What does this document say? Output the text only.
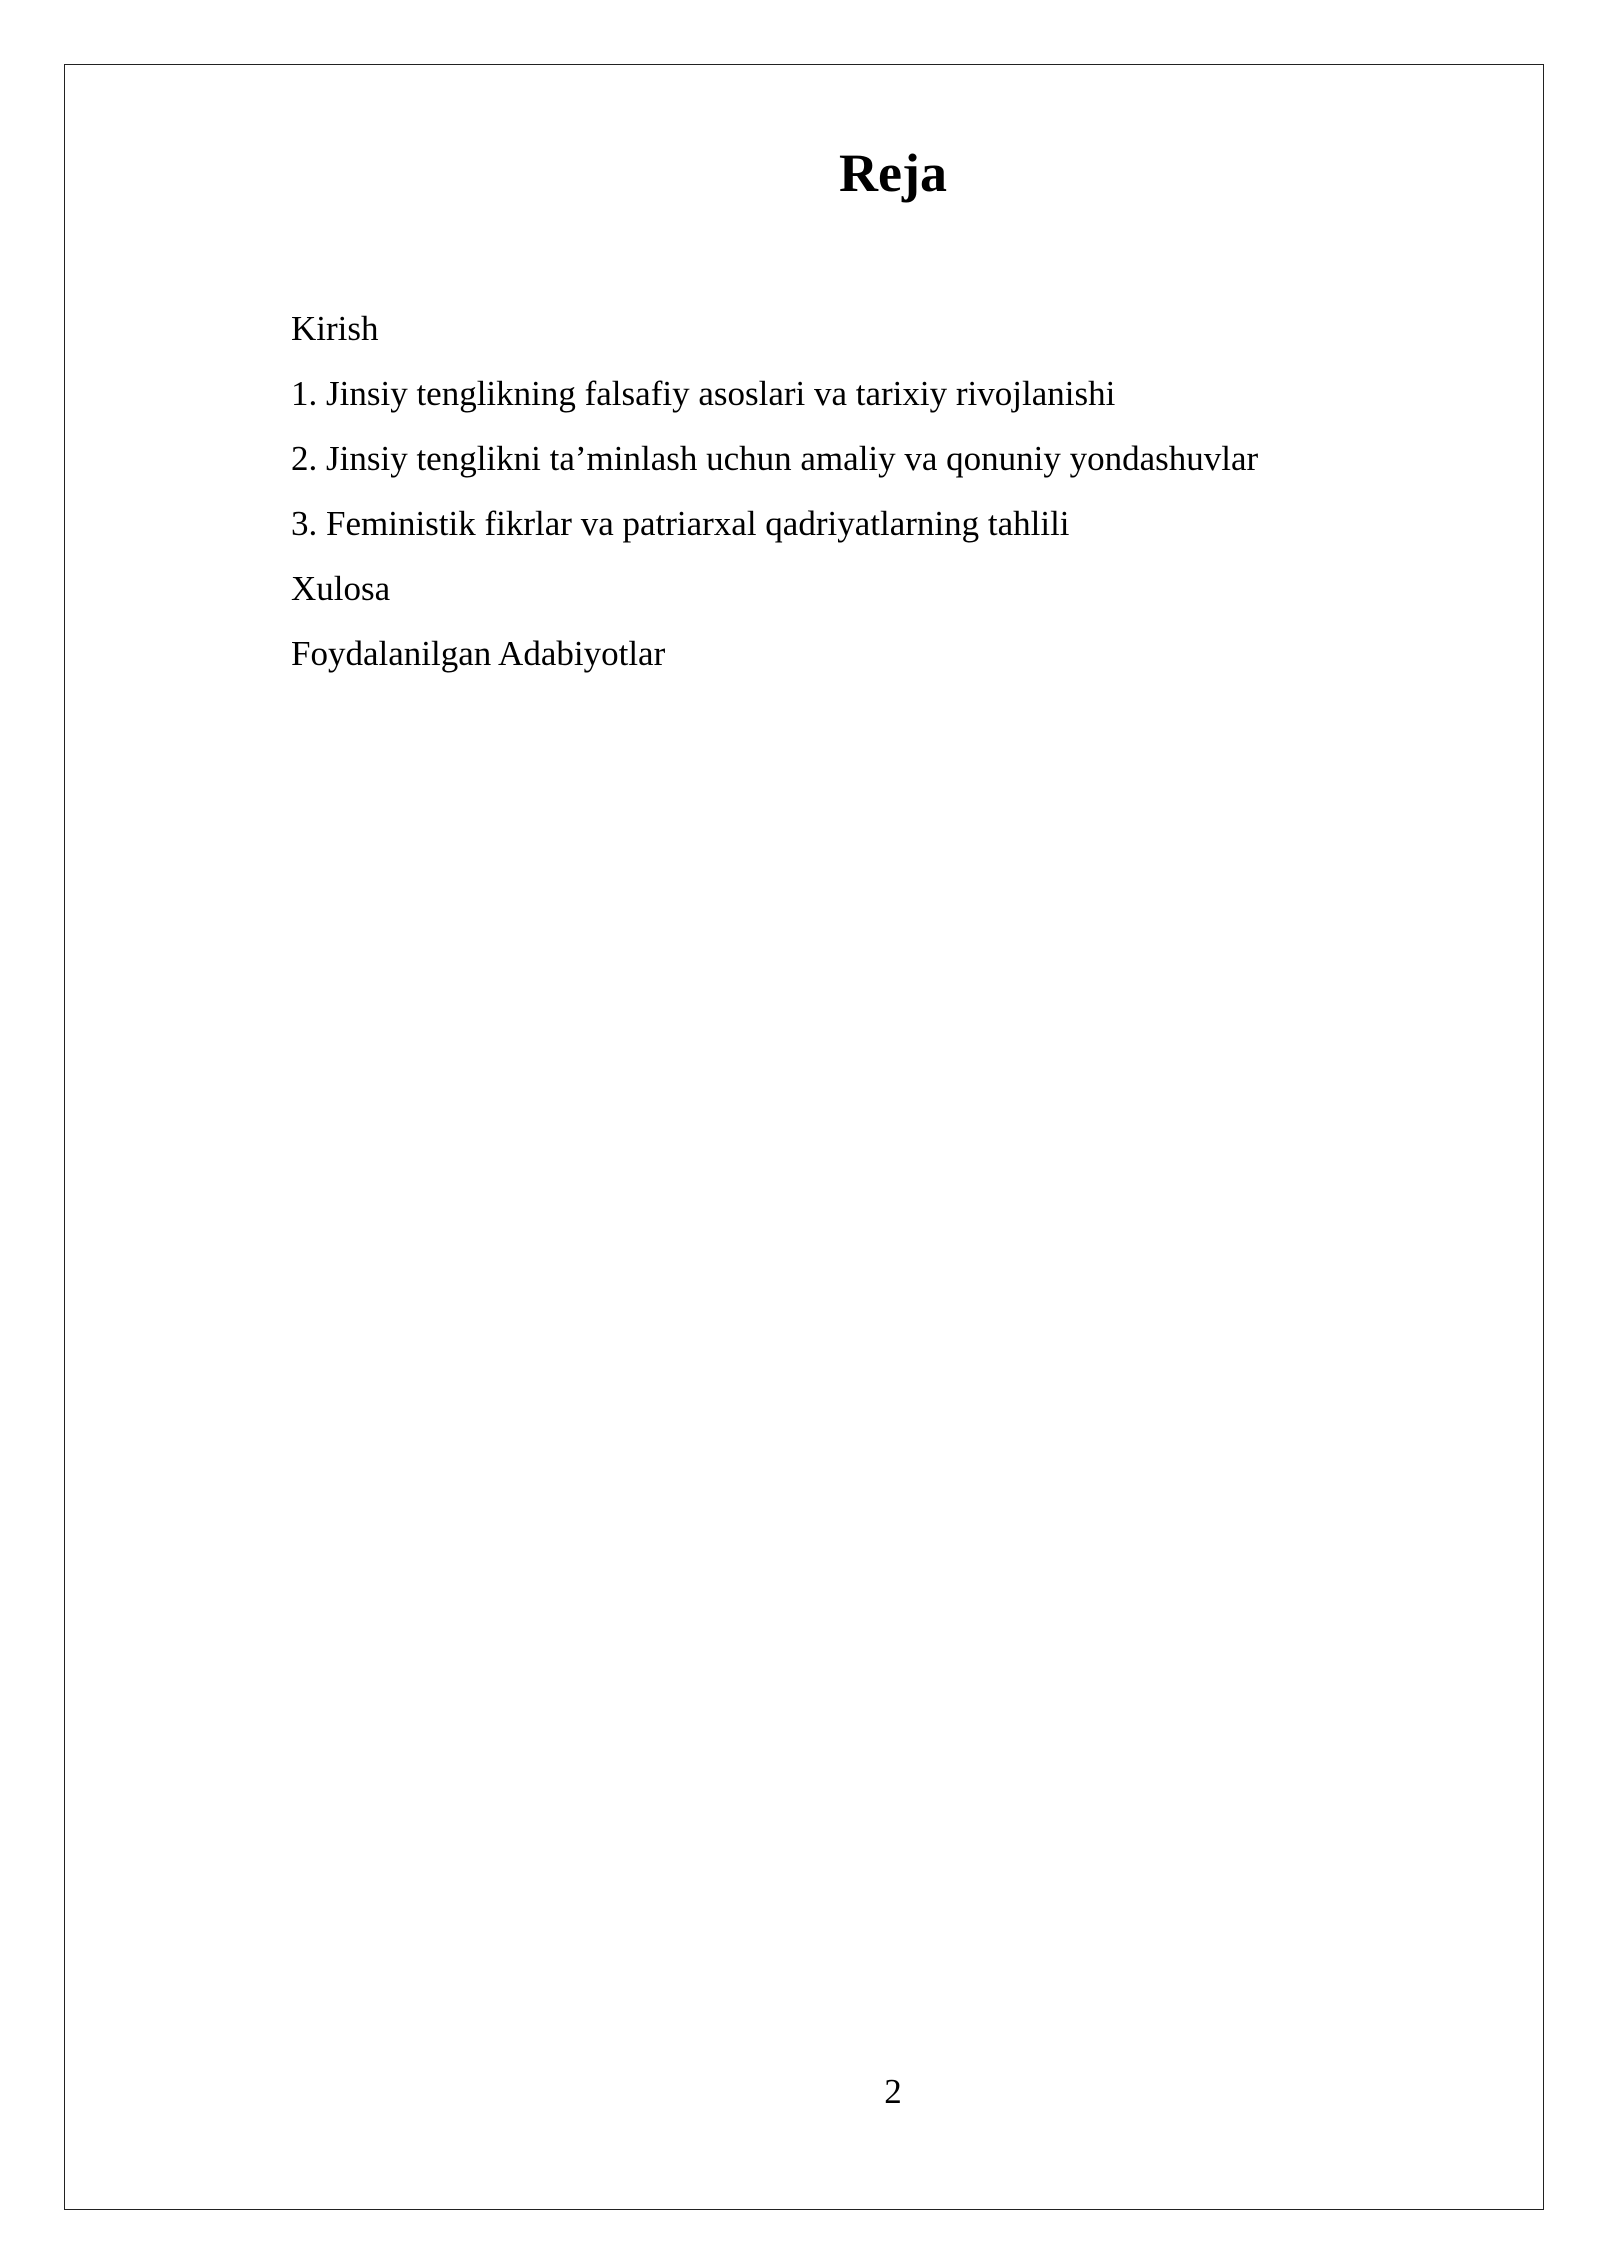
Reja
Kirish
1. Jinsiy tenglikning falsafiy asoslari va tarixiy rivojlanishi
2. Jinsiy tenglikni ta’minlash uchun amaliy va qonuniy yondashuvlar
3. Feministik fikrlar va patriarxal qadriyatlarning tahlili
Xulosa
Foydalanilgan Adabiyotlar
2
